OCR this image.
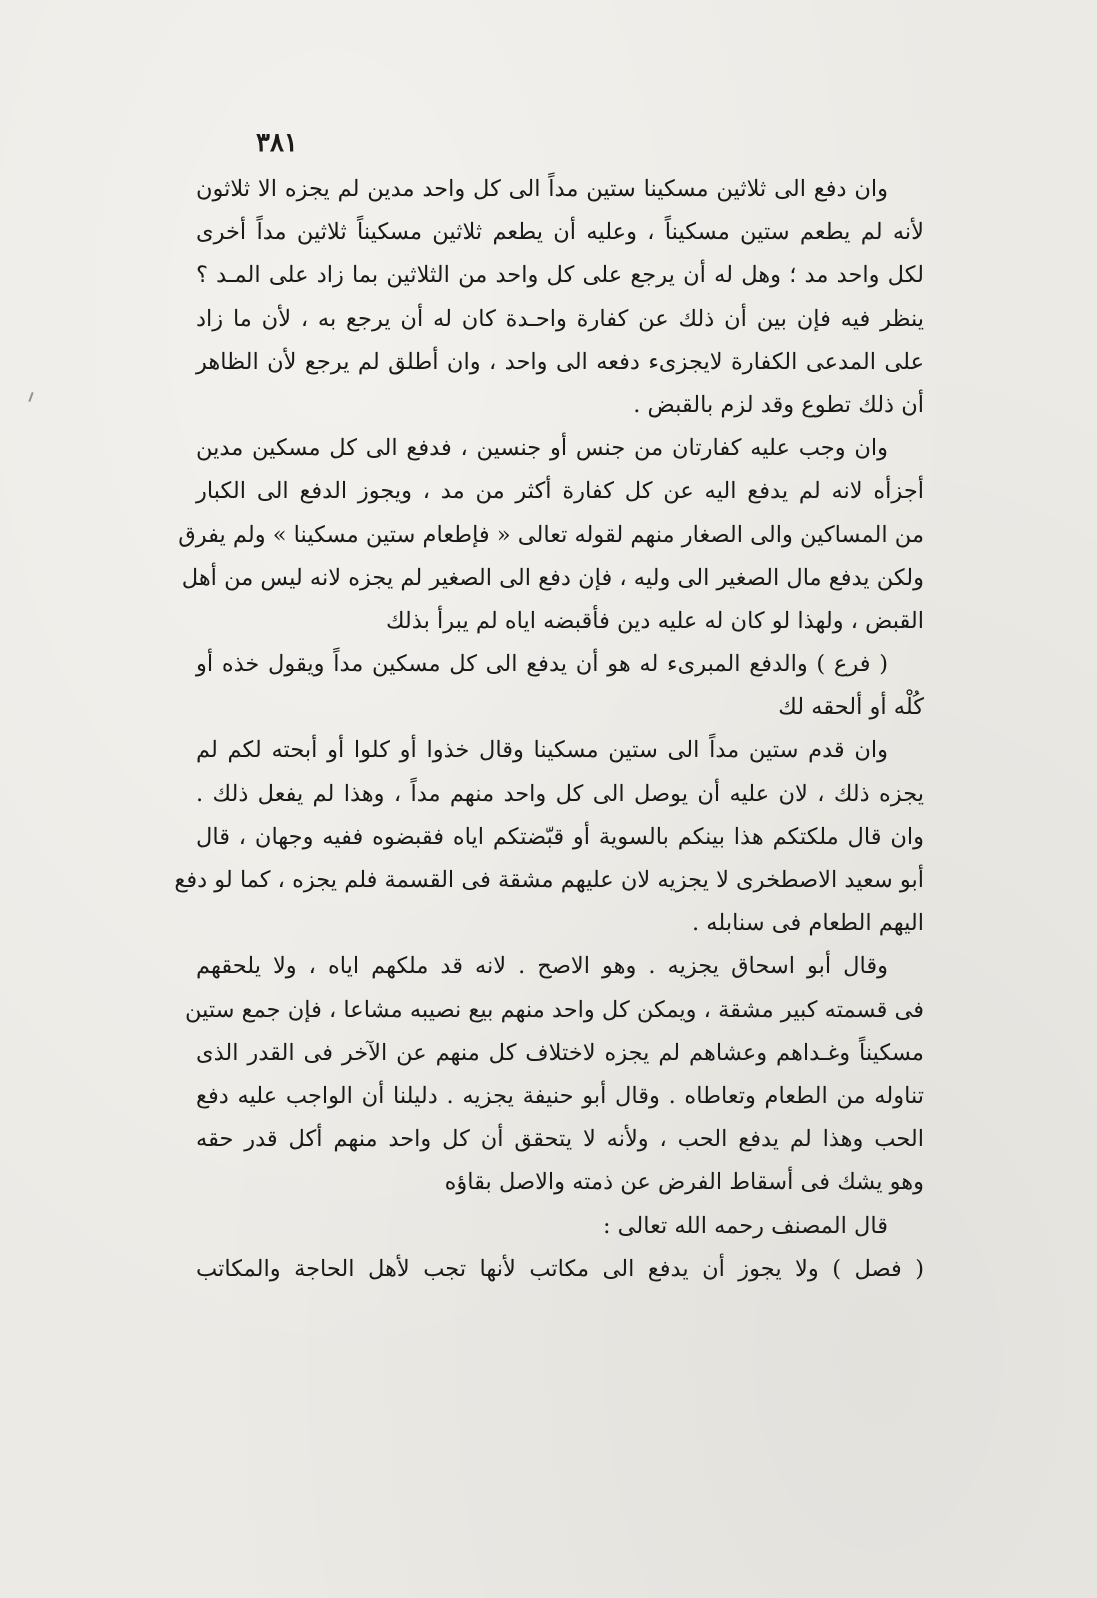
٣٨١
وان دفع الى ثلاثين مسكينا ستين مداً الى كل واحد مدين لم يجزه الا ثلاثون
لأنه لم يطعم ستين مسكيناً ، وعليه أن يطعم ثلاثين مسكيناً ثلاثين مداً أخرى
لكل واحد مد ؛ وهل له أن يرجع على كل واحد من الثلاثين بما زاد على المـد ؟
ينظر فيه فإن بين أن ذلك عن كفارة واحـدة كان له أن يرجع به ، لأن ما زاد
على المدعى الكفارة لايجزىء دفعه الى واحد ، وان أطلق لم يرجع لأن الظاهر
أن ذلك تطوع وقد لزم بالقبض .
وان وجب عليه كفارتان من جنس أو جنسين ، فدفع الى كل مسكين مدين
أجزأه لانه لم يدفع اليه عن كل كفارة أكثر من مد ، ويجوز الدفع الى الكبار
من المساكين والى الصغار منهم لقوله تعالى « فإطعام ستين مسكينا » ولم يفرق
ولكن يدفع مال الصغير الى وليه ، فإن دفع الى الصغير لم يجزه لانه ليس من أهل
القبض ، ولهذا لو كان له عليه دين فأقبضه اياه لم يبرأ بذلك
( فرع ) والدفع المبرىء له هو أن يدفع الى كل مسكين مداً ويقول خذه أو
كُلْه أو ألحقه لك
وان قدم ستين مداً الى ستين مسكينا وقال خذوا أو كلوا أو أبحته لكم لم
يجزه ذلك ، لان عليه أن يوصل الى كل واحد منهم مداً ، وهذا لم يفعل ذلك .
وان قال ملكتكم هذا بينكم بالسوية أو قبّضتكم اياه فقبضوه ففيه وجهان ، قال
أبو سعيد الاصطخرى لا يجزيه لان عليهم مشقة فى القسمة فلم يجزه ، كما لو دفع
اليهم الطعام فى سنابله .
وقال أبو اسحاق يجزيه . وهو الاصح . لانه قد ملكهم اياه ، ولا يلحقهم
فى قسمته كبير مشقة ، ويمكن كل واحد منهم بيع نصيبه مشاعا ، فإن جمع ستين
مسكيناً وغـداهم وعشاهم لم يجزه لاختلاف كل منهم عن الآخر فى القدر الذى
تناوله من الطعام وتعاطاه . وقال أبو حنيفة يجزيه . دليلنا أن الواجب عليه دفع
الحب وهذا لم يدفع الحب ، ولأنه لا يتحقق أن كل واحد منهم أكل قدر حقه
وهو يشك فى أسقاط الفرض عن ذمته والاصل بقاؤه
قال المصنف رحمه الله تعالى :
( فصل ) ولا يجوز أن يدفع الى مكاتب لأنها تجب لأهل الحاجة والمكاتب
